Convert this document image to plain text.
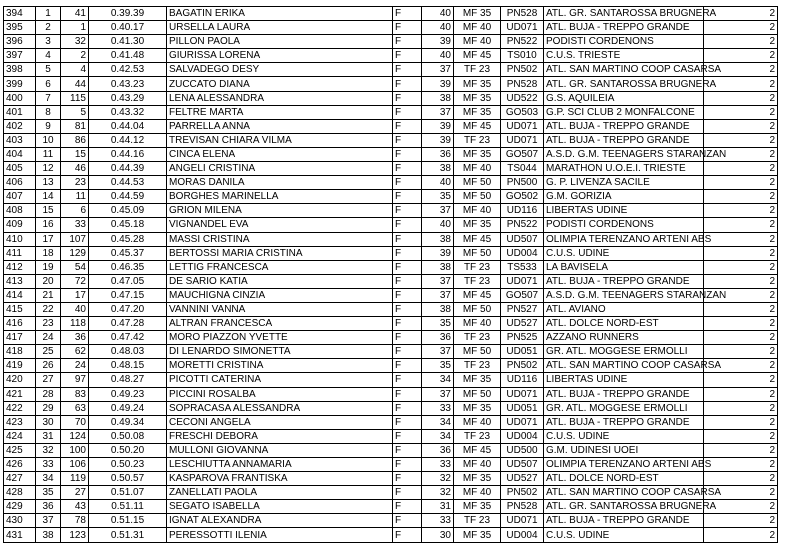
394	1	41	0.39.39	BAGATIN ERIKA	F	40	MF 35	PN528	ATL. GR. SANTAROSSA BRUGNERA	2
395	2	1	0.40.17	URSELLA LAURA	F	40	MF 40	UD071	ATL. BUJA - TREPPO GRANDE	2
396	3	32	0.41.30	PILLON PAOLA	F	39	MF 40	PN522	PODISTI CORDENONS	2
397	4	2	0.41.48	GIURISSA LORENA	F	40	MF 45	TS010	C.U.S. TRIESTE	2
398	5	4	0.42.53	SALVADEGO DESY	F	37	TF 23	PN502	ATL. SAN MARTINO COOP CASARSA	2
399	6	44	0.43.23	ZUCCATO DIANA	F	39	MF 35	PN528	ATL. GR. SANTAROSSA BRUGNERA	2
400	7	115	0.43.29	LENA ALESSANDRA	F	38	MF 35	UD522	G.S. AQUILEIA	2
401	8	5	0.43.32	FELTRE MARTA	F	37	MF 35	GO503	G.P. SCI CLUB 2 MONFALCONE	2
402	9	81	0.44.04	PARRELLA ANNA	F	39	MF 45	UD071	ATL. BUJA - TREPPO GRANDE	2
403	10	86	0.44.12	TREVISAN CHIARA VILMA	F	39	TF 23	UD071	ATL. BUJA - TREPPO GRANDE	2
404	11	15	0.44.16	CINCA ELENA	F	36	MF 35	GO507	A.S.D. G.M. TEENAGERS STARANZAN	2
405	12	46	0.44.39	ANGELI CRISTINA	F	38	MF 40	TS044	MARATHON U.O.E.I. TRIESTE	2
406	13	23	0.44.53	MORAS DANILA	F	40	MF 50	PN500	G. P. LIVENZA SACILE	2
407	14	11	0.44.59	BORGHES MARINELLA	F	35	MF 50	GO502	G.M. GORIZIA	2
408	15	6	0.45.09	GRION MILENA	F	37	MF 40	UD116	LIBERTAS UDINE	2
409	16	33	0.45.18	VIGNANDEL EVA	F	40	MF 35	PN522	PODISTI CORDENONS	2
410	17	107	0.45.28	MASSI CRISTINA	F	38	MF 45	UD507	OLIMPIA TERENZANO ARTENI ABS	2
411	18	129	0.45.37	BERTOSSI MARIA CRISTINA	F	39	MF 50	UD004	C.U.S. UDINE	2
412	19	54	0.46.35	LETTIG FRANCESCA	F	38	TF 23	TS533	LA BAVISELA	2
413	20	72	0.47.05	DE SARIO KATIA	F	37	TF 23	UD071	ATL. BUJA - TREPPO GRANDE	2
414	21	17	0.47.15	MAUCHIGNA CINZIA	F	37	MF 45	GO507	A.S.D. G.M. TEENAGERS STARANZAN	2
415	22	40	0.47.20	VANNINI VANNA	F	38	MF 50	PN527	ATL. AVIANO	2
416	23	118	0.47.28	ALTRAN FRANCESCA	F	35	MF 40	UD527	ATL. DOLCE NORD-EST	2
417	24	36	0.47.42	MORO PIAZZON YVETTE	F	36	TF 23	PN525	AZZANO RUNNERS	2
418	25	62	0.48.03	DI LENARDO SIMONETTA	F	37	MF 50	UD051	GR. ATL. MOGGESE ERMOLLI	2
419	26	24	0.48.15	MORETTI CRISTINA	F	35	TF 23	PN502	ATL. SAN MARTINO COOP CASARSA	2
420	27	97	0.48.27	PICOTTI CATERINA	F	34	MF 35	UD116	LIBERTAS UDINE	2
421	28	83	0.49.23	PICCINI ROSALBA	F	37	MF 50	UD071	ATL. BUJA - TREPPO GRANDE	2
422	29	63	0.49.24	SOPRACASA ALESSANDRA	F	33	MF 35	UD051	GR. ATL. MOGGESE ERMOLLI	2
423	30	70	0.49.34	CECONI ANGELA	F	34	MF 40	UD071	ATL. BUJA - TREPPO GRANDE	2
424	31	124	0.50.08	FRESCHI DEBORA	F	34	TF 23	UD004	C.U.S. UDINE	2
425	32	100	0.50.20	MULLONI GIOVANNA	F	36	MF 45	UD500	G.M. UDINESI UOEI	2
426	33	106	0.50.23	LESCHIUTTA ANNAMARIA	F	33	MF 40	UD507	OLIMPIA TERENZANO ARTENI ABS	2
427	34	119	0.50.57	KASPAROVA FRANTISKA	F	32	MF 35	UD527	ATL. DOLCE NORD-EST	2
428	35	27	0.51.07	ZANELLATI PAOLA	F	32	MF 40	PN502	ATL. SAN MARTINO COOP CASARSA	2
429	36	43	0.51.11	SEGATO ISABELLA	F	31	MF 35	PN528	ATL. GR. SANTAROSSA BRUGNERA	2
430	37	78	0.51.15	IGNAT ALEXANDRA	F	33	TF 23	UD071	ATL. BUJA - TREPPO GRANDE	2
431	38	123	0.51.31	PERESSOTTI ILENIA	F	30	MF 35	UD004	C.U.S. UDINE	2
